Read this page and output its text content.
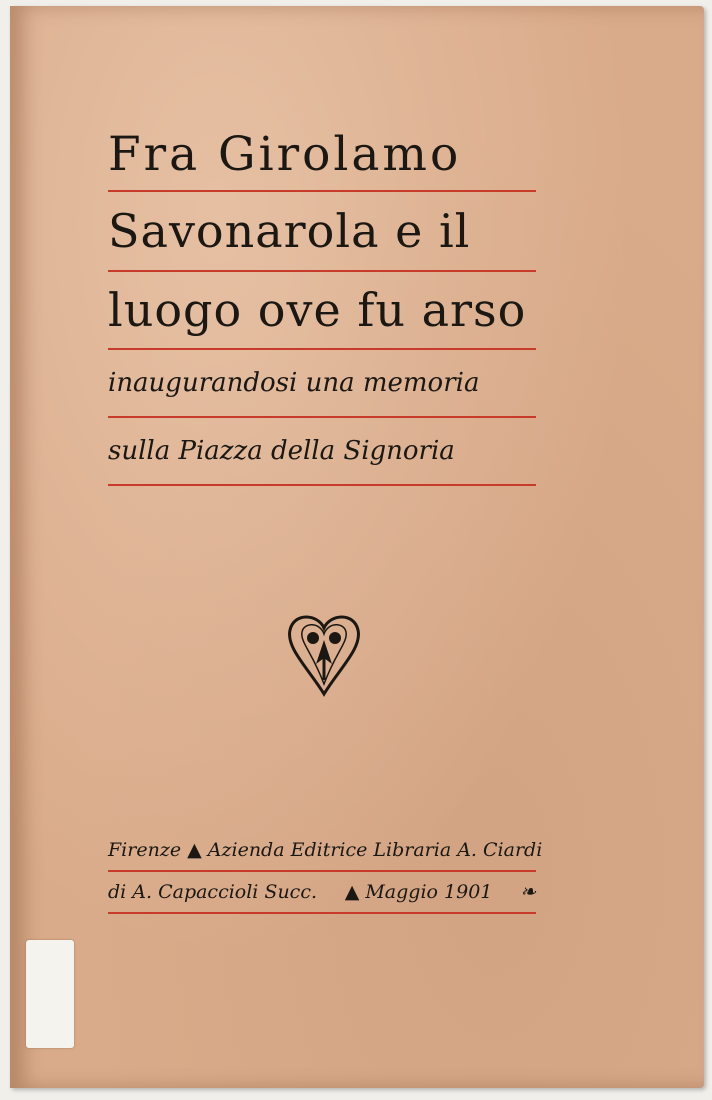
Fra Girolamo
Savonarola e il
luogo ove fu arso
inaugurandosi una memoria
sulla Piazza della Signoria
Firenze ▲ Azienda Editrice Libraria A. Ciardi
di A. Capaccioli Succ. ▲ Maggio 1901 ❧
